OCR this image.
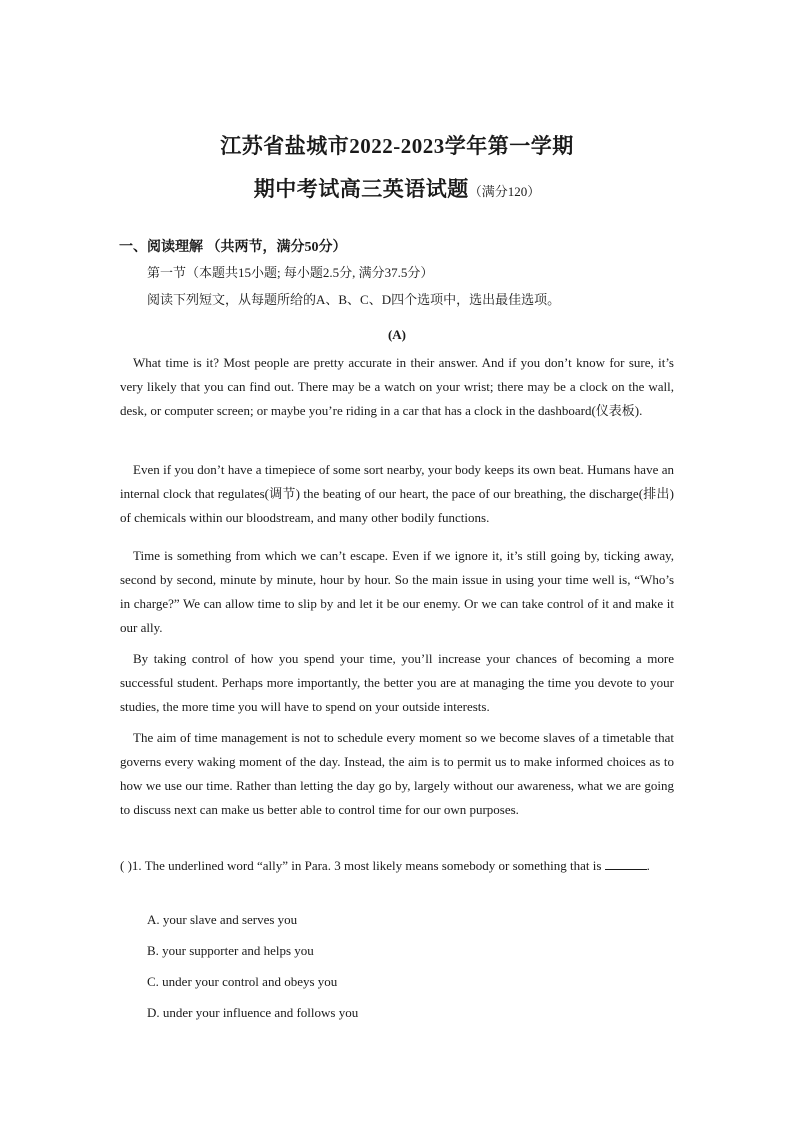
江苏省盐城市2022-2023学年第一学期
期中考试高三英语试题（满分120）
一、阅读理解 （共两节，满分50分）
第一节（本题共15小题; 每小题2.5分, 满分37.5分）
阅读下列短文，从每题所给的A、B、C、D四个选项中，选出最佳选项。
(A)

What time is it? Most people are pretty accurate in their answer. And if you don’t know for sure, it’s very likely that you can find out. There may be a watch on your wrist; there may be a clock on the wall, desk, or computer screen; or maybe you’re riding in a car that has a clock in the dashboard(仪表板).

Even if you don’t have a timepiece of some sort nearby, your body keeps its own beat. Humans have an internal clock that regulates(调节) the beating of our heart, the pace of our breathing, the discharge(排出) of chemicals within our bloodstream, and many other bodily functions.

Time is something from which we can’t escape. Even if we ignore it, it’s still going by, ticking away, second by second, minute by minute, hour by hour. So the main issue in using your time well is, “Who’s in charge?” We can allow time to slip by and let it be our enemy. Or we can take control of it and make it our ally.

By taking control of how you spend your time, you’ll increase your chances of becoming a more successful student. Perhaps more importantly, the better you are at managing the time you devote to your studies, the more time you will have to spend on your outside interests.

The aim of time management is not to schedule every moment so we become slaves of a timetable that governs every waking moment of the day. Instead, the aim is to permit us to make informed choices as to how we use our time. Rather than letting the day go by, largely without our awareness, what we are going to discuss next can make us better able to control time for our own purposes.

( )1. The underlined word “ally” in Para. 3 most likely means somebody or something that is	.

A. your slave and serves you
B. your supporter and helps you
C. under your control and obeys you
D. under your influence and follows you
